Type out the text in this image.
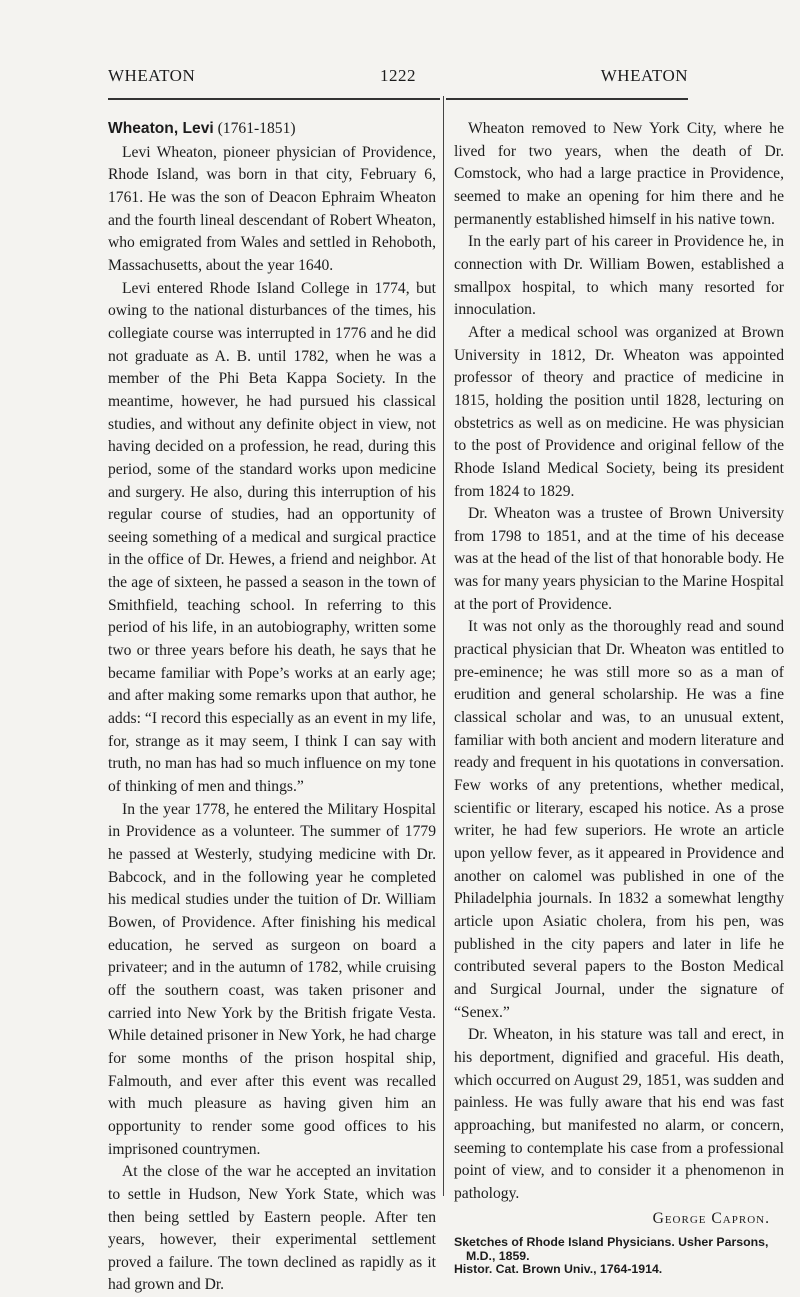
WHEATON	1222	WHEATON
Wheaton, Levi (1761-1851)

Levi Wheaton, pioneer physician of Providence, Rhode Island, was born in that city, February 6, 1761. He was the son of Deacon Ephraim Wheaton and the fourth lineal descendant of Robert Wheaton, who emigrated from Wales and settled in Rehoboth, Massachusetts, about the year 1640.

Levi entered Rhode Island College in 1774, but owing to the national disturbances of the times, his collegiate course was interrupted in 1776 and he did not graduate as A. B. until 1782, when he was a member of the Phi Beta Kappa Society. In the meantime, however, he had pursued his classical studies, and without any definite object in view, not having decided on a profession, he read, during this period, some of the standard works upon medicine and surgery. He also, during this interruption of his regular course of studies, had an opportunity of seeing something of a medical and surgical practice in the office of Dr. Hewes, a friend and neighbor. At the age of sixteen, he passed a season in the town of Smithfield, teaching school. In referring to this period of his life, in an autobiography, written some two or three years before his death, he says that he became familiar with Pope’s works at an early age; and after making some remarks upon that author, he adds: “I record this especially as an event in my life, for, strange as it may seem, I think I can say with truth, no man has had so much influence on my tone of thinking of men and things.”

In the year 1778, he entered the Military Hospital in Providence as a volunteer. The summer of 1779 he passed at Westerly, studying medicine with Dr. Babcock, and in the following year he completed his medical studies under the tuition of Dr. William Bowen, of Providence. After finishing his medical education, he served as surgeon on board a privateer; and in the autumn of 1782, while cruising off the southern coast, was taken prisoner and carried into New York by the British frigate Vesta. While detained prisoner in New York, he had charge for some months of the prison hospital ship, Falmouth, and ever after this event was recalled with much pleasure as having given him an opportunity to render some good offices to his imprisoned countrymen.

At the close of the war he accepted an invitation to settle in Hudson, New York State, which was then being settled by Eastern people. After ten years, however, their experimental settlement proved a failure. The town declined as rapidly as it had grown and Dr.

Wheaton removed to New York City, where he lived for two years, when the death of Dr. Comstock, who had a large practice in Providence, seemed to make an opening for him there and he permanently established himself in his native town.

In the early part of his career in Providence he, in connection with Dr. William Bowen, established a smallpox hospital, to which many resorted for innoculation.

After a medical school was organized at Brown University in 1812, Dr. Wheaton was appointed professor of theory and practice of medicine in 1815, holding the position until 1828, lecturing on obstetrics as well as on medicine. He was physician to the post of Providence and original fellow of the Rhode Island Medical Society, being its president from 1824 to 1829.

Dr. Wheaton was a trustee of Brown University from 1798 to 1851, and at the time of his decease was at the head of the list of that honorable body. He was for many years physician to the Marine Hospital at the port of Providence.

It was not only as the thoroughly read and sound practical physician that Dr. Wheaton was entitled to pre-eminence; he was still more so as a man of erudition and general scholarship. He was a fine classical scholar and was, to an unusual extent, familiar with both ancient and modern literature and ready and frequent in his quotations in conversation. Few works of any pretentions, whether medical, scientific or literary, escaped his notice. As a prose writer, he had few superiors. He wrote an article upon yellow fever, as it appeared in Providence and another on calomel was published in one of the Philadelphia journals. In 1832 a somewhat lengthy article upon Asiatic cholera, from his pen, was published in the city papers and later in life he contributed several papers to the Boston Medical and Surgical Journal, under the signature of “Senex.”

Dr. Wheaton, in his stature was tall and erect, in his deportment, dignified and graceful. His death, which occurred on August 29, 1851, was sudden and painless. He was fully aware that his end was fast approaching, but manifested no alarm, or concern, seeming to contemplate his case from a professional point of view, and to consider it a phenomenon in pathology.

George Capron.
Sketches of Rhode Island Physicians. Usher Parsons, M.D., 1859.
Histor. Cat. Brown Univ., 1764-1914.
